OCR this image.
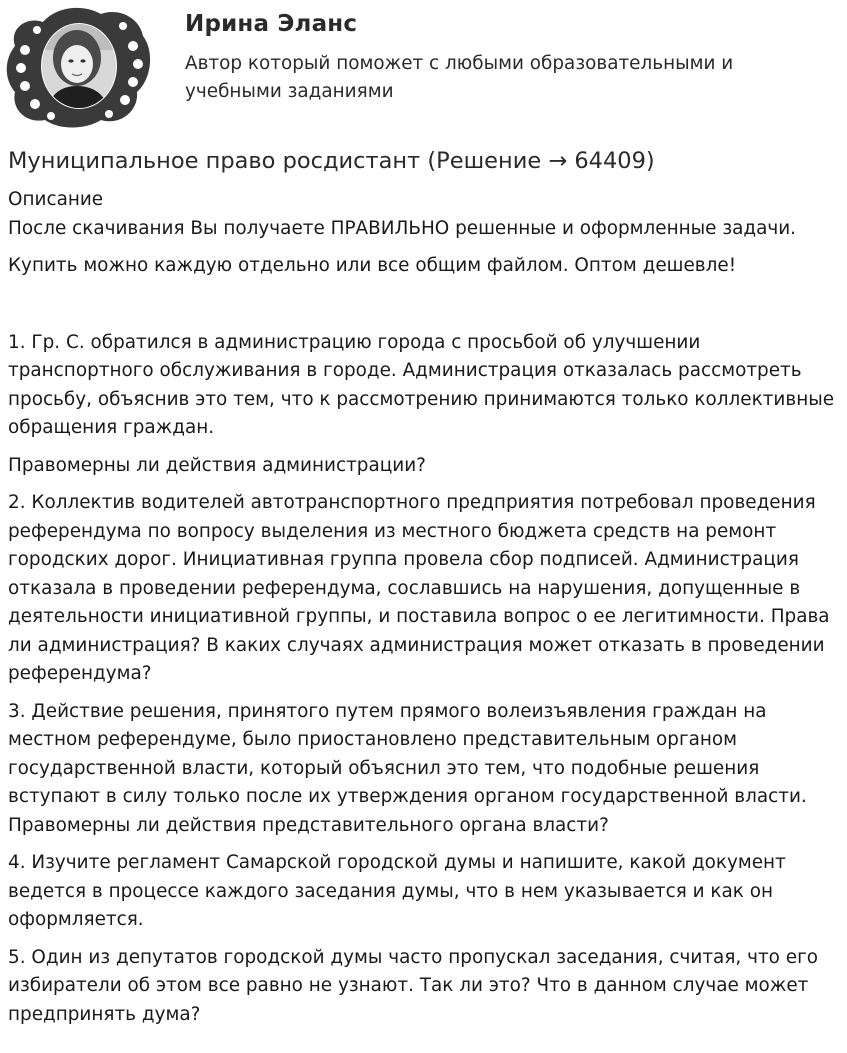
Ирина Эланс
Автор который поможет с любыми образовательными и учебными заданиями
Муниципальное право росдистант (Решение → 64409)
Описание

После скачивания Вы получаете ПРАВИЛЬНО решенные и оформленные задачи.

Купить можно каждую отдельно или все общим файлом. Оптом дешевле!

1. Гр. С. обратился в администрацию города с просьбой об улучшении транспортного обслуживания в городе. Администрация отказалась рассмотреть просьбу, объяснив это тем, что к рассмотрению принимаются только коллективные обращения граждан.

Правомерны ли действия администрации?

2. Коллектив водителей автотранспортного предприятия потребовал проведения референдума по вопросу выделения из местного бюджета средств на ремонт городских дорог. Инициативная группа провела сбор подписей. Администрация отказала в проведении референдума, сославшись на нарушения, допущенные в деятельности инициативной группы, и поставила вопрос о ее легитимности. Права ли администрация? В каких случаях администрация может отказать в проведении референдума?

3. Действие решения, принятого путем прямого волеизъявления граждан на местном референдуме, было приостановлено представительным органом государственной власти, который объяснил это тем, что подобные решения вступают в силу только после их утверждения органом государственной власти. Правомерны ли действия представительного органа власти?

4. Изучите регламент Самарской городской думы и напишите, какой документ ведется в процессе каждого заседания думы, что в нем указывается и как он оформляется.

5. Один из депутатов городской думы часто пропускал заседания, считая, что его избиратели об этом все равно не узнают. Так ли это? Что в данном случае может предпринять дума?
